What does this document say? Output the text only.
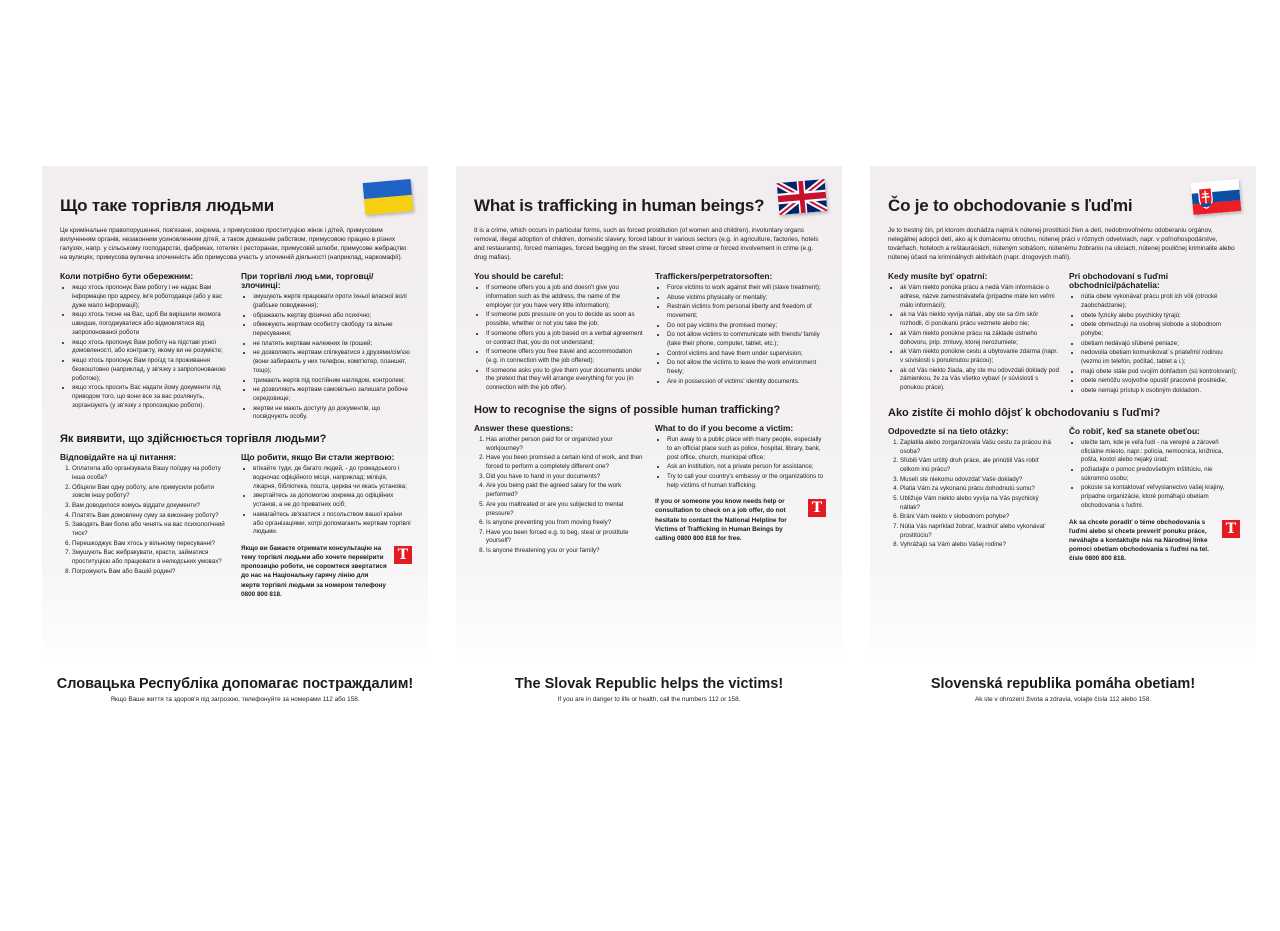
Що таке торгівля людьми
Це кримінальне правопорушення, пов'язане, зокрема, з примусовою проституцією жінок і дітей, примусовим вилученням органів, незаконним усиновленням дітей, а також домашнім рабством, примусовою працею в різних галузях, напр. у сільському господарстві, фабриках, готелях і ресторанах, примусовій шлюби, примусове жебрацтво на вулицях, примусова вулична злочинність або примусова участь у злочинній діяльності (наприклад, наркомафії).
Коли потрібно бути обережним:
• якщо хтось пропонує Вам роботу і не надає Вам інформацію про адресу, ім'я роботодавця (або у вас дуже мало інформації);
• якщо хтось тисне на Вас, щоб Ви вирішили якомога швидше, погоджуватися або відмовлятися від запропонованої роботи
• якщо хтось пропонує Вам роботу на підставі усної домовленості, або контракту, якому ви не розумієте;
• якщо хтось пропонує Вам проїзд та проживання безкоштовно (наприклад, у зв'язку з запропонованою роботою);
• якщо хтось просить Вас надати йому документи під приводом того, що вони все за вас розлянуть, зорганізують (у зв'язку з пропозицією роботи).
При торгівлі люд ьми, торговці/злочинці:
• змушують жертв працювати проти їхньої власної волі (рабське поводження);
• ображають жертву фізично або психічно;
• обмежують жертвам особисту свободу та вільне пересування;
• не платять жертвам належних їм грошей;
• не дозволяють жертвам спілкуватися з друзями/сім'єю (вони забирають у них телефон, комп'ютер, планшет, тощо);
• тримають жертв під постійним наглядом, контролем;
• не дозволяють жертвам самовільно залишати робоче середовище;
• жертви не мають доступу до документів, що посвідчують особу.
Як виявити, що здійснюється торгівля людьми?
Відповідайте на ці питання:
1. Оплатила або організувала Вашу поїздку на роботу інша особа?
2. Обіцяли Вам одну роботу, але примусили робити зовсім іншу роботу?
3. Вам доводилося комусь віддати документи?
4. Платять Вам домовлену суму за виконану роботу?
5. Заводять Вам болю або чинять на вас психологічний тиск?
6. Перешкоджує Вам хтось у вільному пересуванні?
7. Змушують Вас жебракувати, красти, займатися проституцією або працювати в нелюдських умовах?
8. Погрожують Вам або Вашій родині?
Що робити, якщо Ви стали жертвою:
• втікайте туди, де багато людей, - до громадського і водночас офіційного місця, наприклад: міліція, лікарня, бібліотека, пошта, церква чи якась установа;
• звертайтесь за допомогою зокрема до офіційних установ, а не до приватних осіб;
• намагайтесь зв'язатися з посольством вашої країни або організаціями, котрі допомагають жертвам торгівлі людьми.
Якщо ви бажаєте отримати консультацію на тему торгівлі людьми або хочете перевірити пропозицію роботи, не соромтеся звертатися до нас на Національну гарячу лінію для жертв торгівлі людьми за номером телефону 0800 800 818.
T
What is trafficking in human beings?
It is a crime, which occurs in particular forms, such as forced prostitution (of women and children), involuntary organs removal, illegal adoption of children, domestic slavery, forced labour in various sectors (e.g. in agriculture, factories, hotels and restaurants), forced marriages, forced begging on the street, forced street crime or forced involvement in crime (e.g. drug mafias).
You should be careful:
• If someone offers you a job and doesn't give you information such as the address, the name of the employer (or you have very little information);
• If someone puts pressure on you to decide as soon as possible, whether or not you take the job;
• If someone offers you a job based on a verbal agreement or contract that, you do not understand;
• If someone offers you free travel and accommodation (e.g. in connection with the job offered);
• If someone asks you to give them your documents under the pretext that they will arrange everything for you (in connection with the job offer).
Traffickers/perpetratorsoften:
• Force victims to work against their will (slave treatment);
• Abuse victims physically or mentally;
• Restrain victims from personal liberty and freedom of movement;
• Do not pay victims the promised money;
• Do not allow victims to communicate with friends/ family (take their phone, computer, tablet, etc.);
• Control victims and have them under supervision;
• Do not allow the victims to leave the work environment freely;
• Are in possession of victims' identity documents.
How to recognise the signs of possible human trafficking?
Answer these questions:
1. Has another person paid for or organized your workjourney?
2. Have you been promised a certain kind of work, and then forced to perform a completely different one?
3. Did you have to hand in your documents?
4. Are you being paid the agreed salary for the work performed?
5. Are you maltreated or are you subjected to mental pressure?
6. Is anyone preventing you from moving freely?
7. Have you been forced e.g. to beg, steal or prostitute yourself?
8. Is anyone threatening you or your family?
What to do if you become a victim:
• Run away to a public place with many people, especially to an official place such as police, hospital, library, bank, post office, church, municipal office;
• Ask an institution, not a private person for assistance;
• Try to call your country's embassy or the organizations to help victims of human trafficking.
If you or someone you know needs help or consultation to check on a job offer, do not hesitate to contact the National Helpline for Victims of Trafficking in Human Beings by calling 0800 800 818 for free.
T
Čo je to obchodovanie s ľuďmi
Je to trestný čin, pri ktorom dochádza najmä k nútenej prostitúcii žien a detí, nedobrovoľnému odoberaniu orgánov, nelegálnej adopcii detí, ako aj k domácemu otroctvu, nútenej práci v rôznych odvetviach, napr. v poľnohospodárstve, továrňach, hoteloch a reštauráciách, núteným sobášom, nútenému žobraniu na uliciach, nútenej pouličnej kriminalite alebo nútenej účasti na kriminálnych aktivitách (napr. drogových mafií).
Kedy musíte byť opatrní:
• ak Vám niekto ponúka prácu a nedá Vám informácie o adrese, názve zamestnávateľa (prípadne máte len veľmi málo informácií);
• ak na Vás niekto vyvíja nátlak, aby ste sa čím skôr rozhodli, či ponúkanú prácu vezmete alebo nie;
• ak Vám niekto ponúkne prácu na základe ústneho dohovoru, prip. zmluvy, ktorej nerozumiete;
• ak Vám niekto ponúkne cestu a ubytovanie zdarma (napr. v súvislosti s ponuknutou prácou);
• ak od Vás niekto žiada, aby ste mu odovzdali doklady pod zámienkou, že za Vás všetko vybaví (v súvislosti s ponukou práce).
Pri obchodovaní s ľuďmi obchodníci/páchatelia:
• nútia obete vykonávať prácu proti ich vôli (otrocké zaobchádzanie);
• obete fyzicky alebo psychicky týrajú;
• obete obmedzujú na osobnej slobode a slobodnom pohybe;
• obetiam nedávajú sľúbené peniaze;
• nedovolia obetiam komunikovať s priateľmi/ rodinou (vezmú im telefón, počítač, tablet a i.);
• majú obete stále pod svojím dohľadom (sú kontrolovaní);
• obete nemôžu svojvoľne opustiť pracovné prostredie;
• obete nemajú prístup k osobným dokladom.
Ako zistíte či mohlo dôjsť k obchodovaniu s ľuďmi?
Odpovedzte si na tieto otázky:
1. Zaplatila alebo zorganizovala Vašu cestu za prácou iná osoba?
2. Sľúbili Vám určitý druh práce, ale prinútili Vás robiť celkom inú prácu?
3. Museli ste niekomu odovzdať Vaše doklady?
4. Platia Vám za vykonanú prácu dohodnutú sumu?
5. Ubližuje Vám niekto alebo vyvíja na Vás psychický nátlak?
6. Bráni Vám niekto v slobodnom pohybe?
7. Nútia Vás napríklad žobrať, kradnúť alebo vykonávať prostitúciu?
8. Vyhrážajú sa Vám alebo Vašej rodine?
Čo robiť, keď sa stanete obeťou:
• utečte tam, kde je veľa ľudí - na verejné a zároveň oficiálne miesto, napr.: polícia, nemocnica, knižnica, pošta, kostol alebo nejaký úrad;
• požiadajte o pomoc predovšetkým inštitúciu, nie súkromnú osobu;
• pokúste sa kontaktovať veľvyslanectvo vašej krajiny, prípadne organizácie, ktoré pomáhajú obetiam obchodovania s ľuďmi.
Ak sa chcete poradiť o téme obchodovania s ľuďmi alebo si chcete preveriť ponuku práce, neváhajte a kontaktujte nás na Národnej linke pomoci obetiam obchodovania s ľuďmi na tel. čísle 0800 800 818.
T
Словацька Республіка допомагає постраждалим!
Якщо Ваше життя та здоров'я під загрозою, телефонуйте за номерами 112 або 158.
The Slovak Republic helps the victims!
If you are in danger to life or health, call the numbers 112 or 158.
Slovenská republika pomáha obetiam!
Ak ste v ohrození života a zdravia, volajte čísla 112 alebo 158.
